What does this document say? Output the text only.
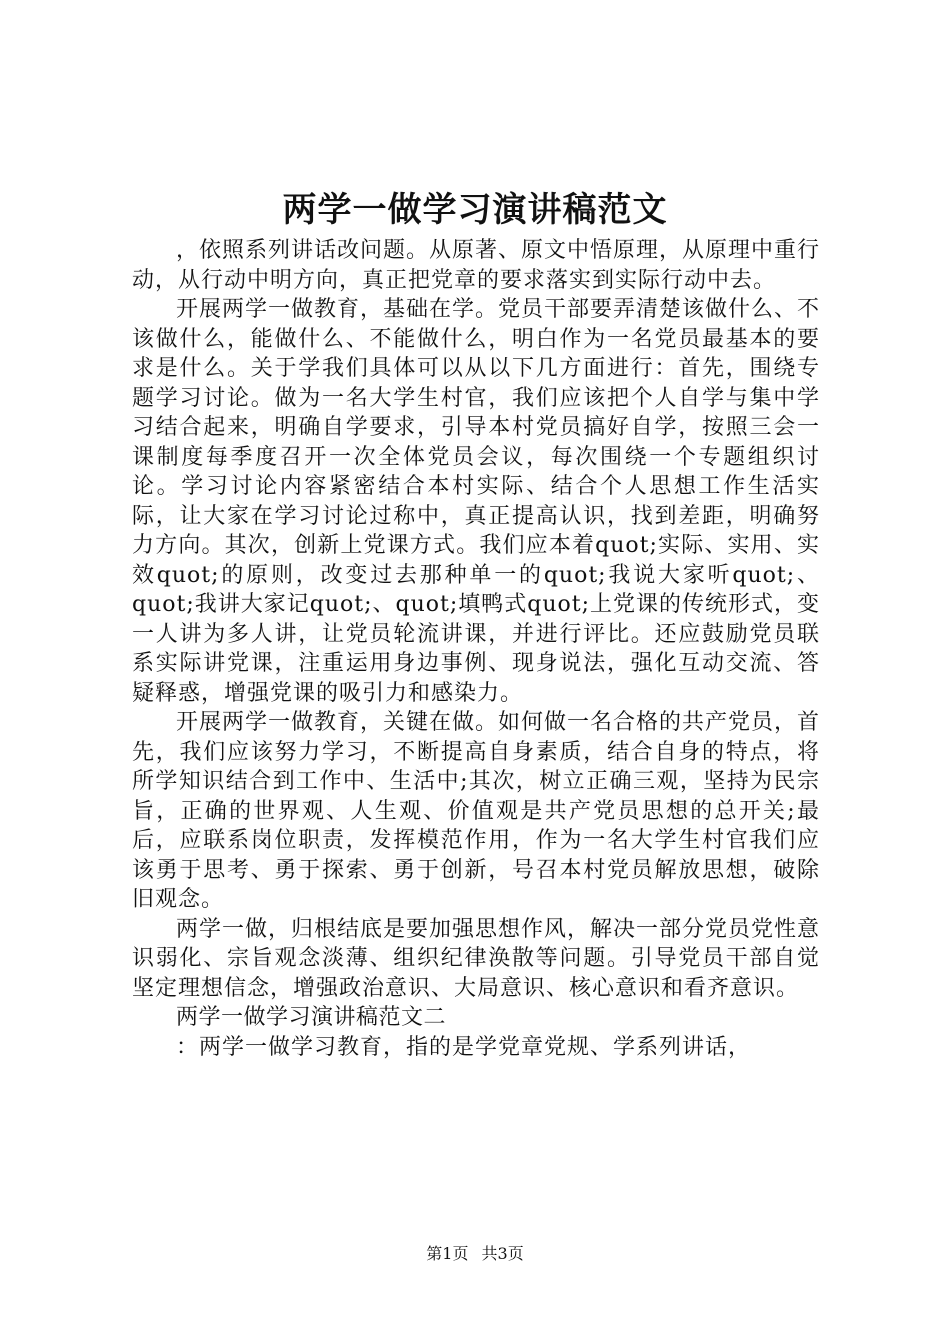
两学一做学习演讲稿范文

，依照系列讲话改问题。从原著、原文中悟原理，从原理中重行动，从行动中明方向，真正把党章的要求落实到实际行动中去。

开展两学一做教育，基础在学。党员干部要弄清楚该做什么、不该做什么，能做什么、不能做什么，明白作为一名党员最基本的要求是什么。关于学我们具体可以从以下几方面进行：首先，围绕专题学习讨论。做为一名大学生村官，我们应该把个人自学与集中学习结合起来，明确自学要求，引导本村党员搞好自学，按照三会一课制度每季度召开一次全体党员会议，每次围绕一个专题组织讨论。学习讨论内容紧密结合本村实际、结合个人思想工作生活实际，让大家在学习讨论过称中，真正提高认识，找到差距，明确努力方向。其次，创新上党课方式。我们应本着quot;实际、实用、实效quot;的原则，改变过去那种单一的quot;我说大家听quot;、quot;我讲大家记quot;、quot;填鸭式quot;上党课的传统形式，变一人讲为多人讲，让党员轮流讲课，并进行评比。还应鼓励党员联系实际讲党课，注重运用身边事例、现身说法，强化互动交流、答疑释惑，增强党课的吸引力和感染力。

开展两学一做教育，关键在做。如何做一名合格的共产党员，首先，我们应该努力学习，不断提高自身素质，结合自身的特点，将所学知识结合到工作中、生活中;其次，树立正确三观，坚持为民宗旨，正确的世界观、人生观、价值观是共产党员思想的总开关;最后，应联系岗位职责，发挥模范作用，作为一名大学生村官我们应该勇于思考、勇于探索、勇于创新，号召本村党员解放思想，破除旧观念。

两学一做，归根结底是要加强思想作风，解决一部分党员党性意识弱化、宗旨观念淡薄、组织纪律涣散等问题。引导党员干部自觉坚定理想信念，增强政治意识、大局意识、核心意识和看齐意识。

两学一做学习演讲稿范文二

：两学一做学习教育，指的是学党章党规、学系列讲话，

第1页 共3页
